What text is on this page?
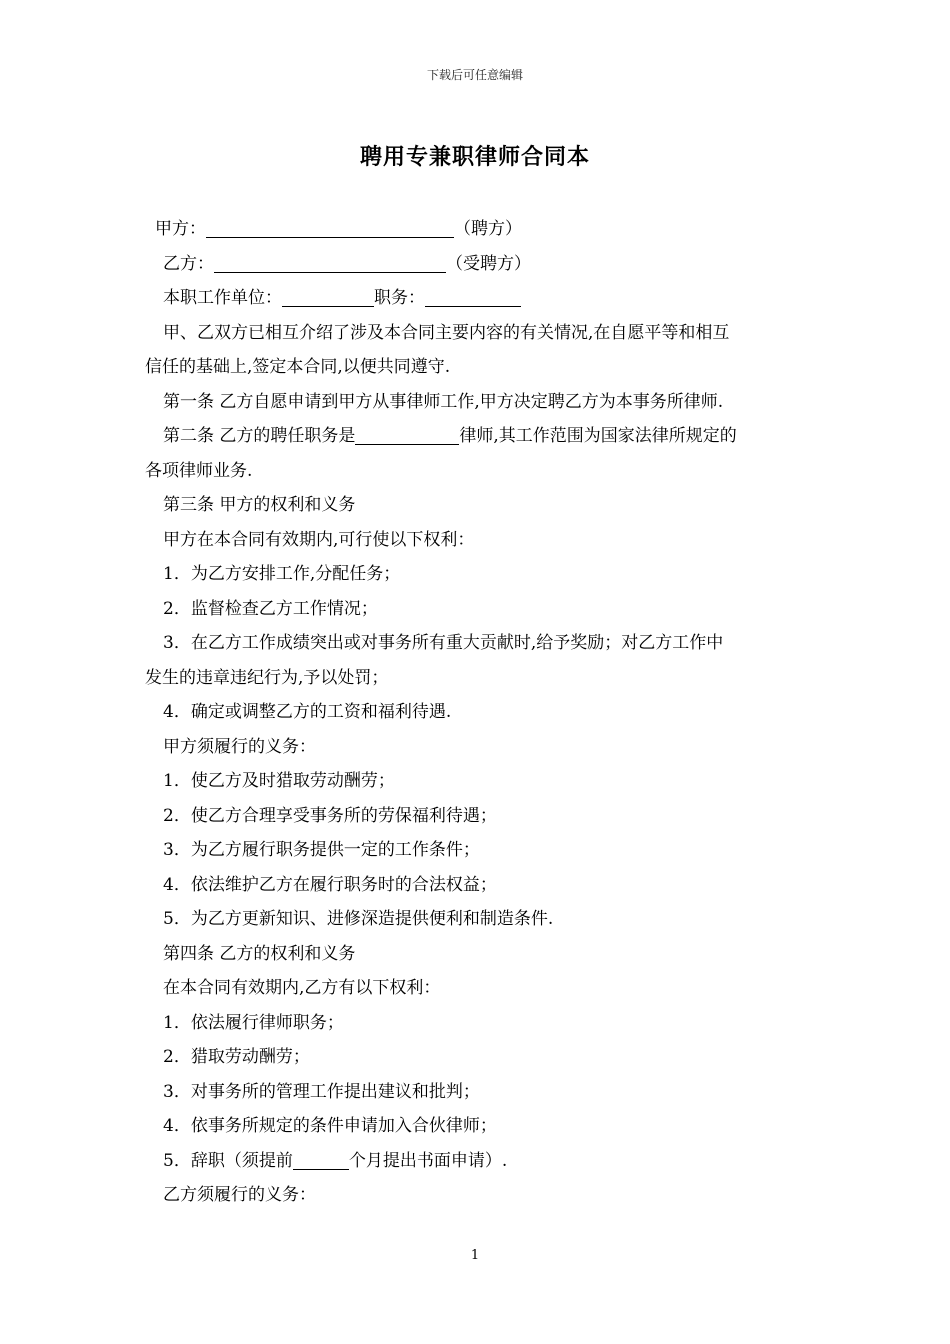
下载后可任意编辑
聘用专兼职律师合同本
甲方：	（聘方）
乙方：	（受聘方）
本职工作单位：	职务：
甲、乙双方已相互介绍了涉及本合同主要内容的有关情况,在自愿平等和相互
信任的基础上,签定本合同,以便共同遵守.
第一条 乙方自愿申请到甲方从事律师工作,甲方决定聘乙方为本事务所律师.
第二条 乙方的聘任职务是	律师,其工作范围为国家法律所规定的
各项律师业务.
第三条 甲方的权利和义务
甲方在本合同有效期内,可行使以下权利：
1．为乙方安排工作,分配任务；
2．监督检查乙方工作情况；
3．在乙方工作成绩突出或对事务所有重大贡献时,给予奖励；对乙方工作中
发生的违章违纪行为,予以处罚；
4．确定或调整乙方的工资和福利待遇.
甲方须履行的义务：
1．使乙方及时猎取劳动酬劳；
2．使乙方合理享受事务所的劳保福利待遇；
3．为乙方履行职务提供一定的工作条件；
4．依法维护乙方在履行职务时的合法权益；
5．为乙方更新知识、进修深造提供便利和制造条件.
第四条 乙方的权利和义务
在本合同有效期内,乙方有以下权利：
1．依法履行律师职务；
2．猎取劳动酬劳；
3．对事务所的管理工作提出建议和批判；
4．依事务所规定的条件申请加入合伙律师；
5．辞职（须提前	个月提出书面申请）.
乙方须履行的义务：
1
